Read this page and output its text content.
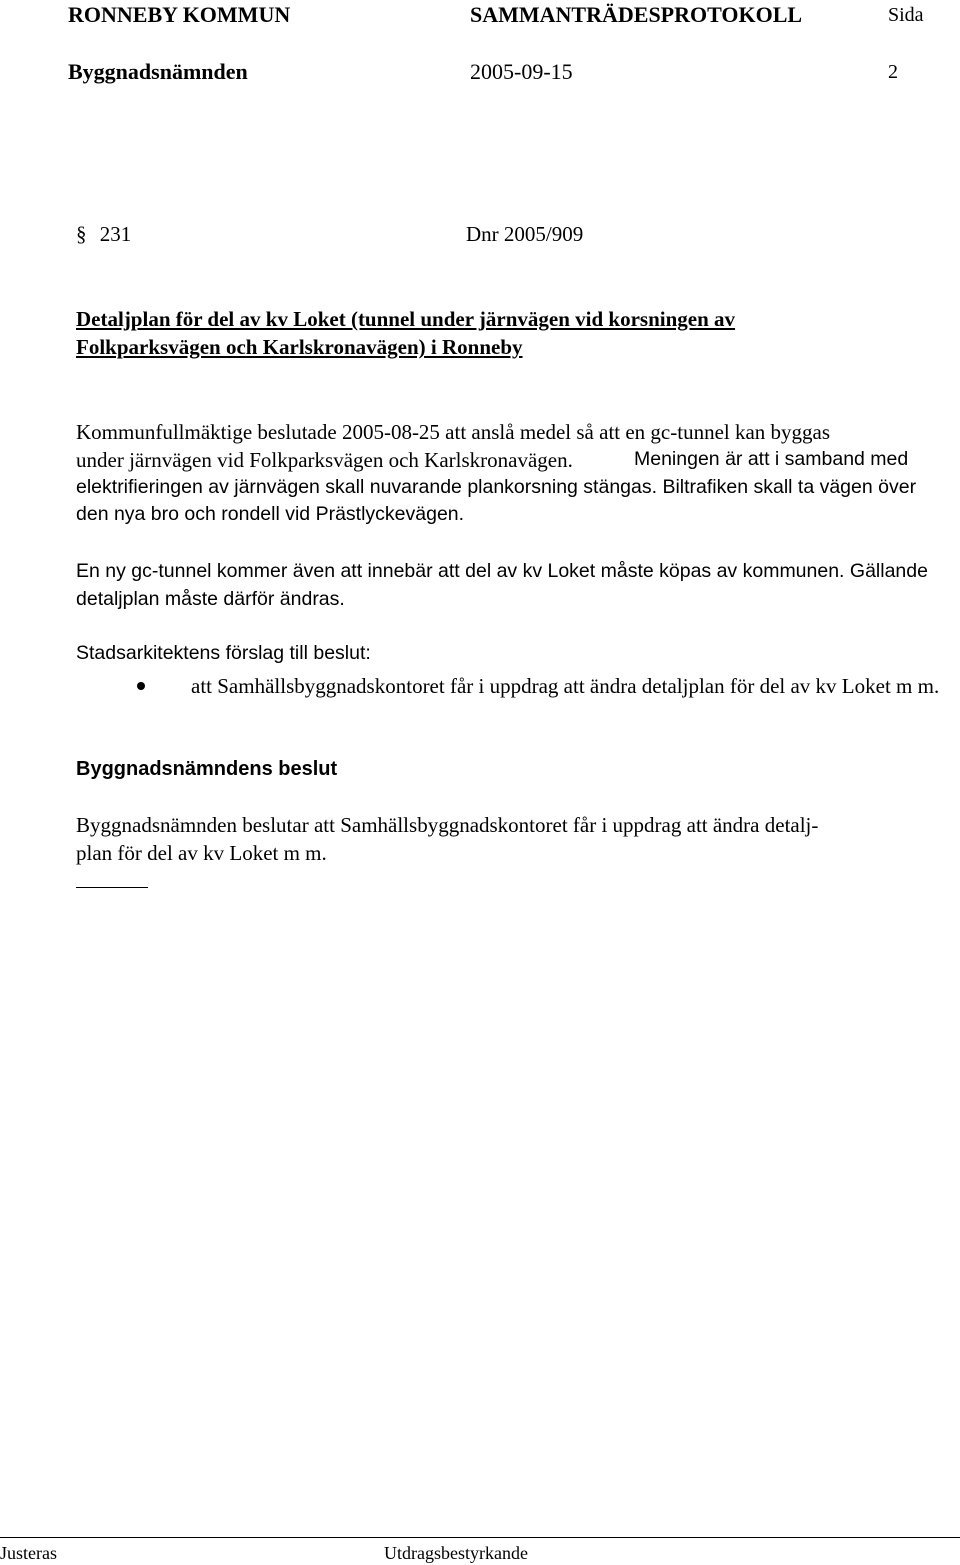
RONNEBY KOMMUN	SAMMANTRÄDESPROTOKOLL	Sida
Byggnadsnämnden	2005-09-15	2
§ 231	Dnr 2005/909
Detaljplan för del av kv Loket (tunnel under järnvägen vid korsningen av
Folkparksvägen och Karlskronavägen) i Ronneby
Kommunfullmäktige beslutade 2005-08-25 att anslå medel så att en gc-tunnel kan byggas
under järnvägen vid Folkparksvägen och Karlskronavägen.	Meningen är att i samband med elektrifieringen av järnvägen skall nuvarande plankorsning stängas. Biltrafiken skall ta vägen över den nya bro och rondell vid Prästlyckevägen.

En ny gc-tunnel kommer även att innebär att del av kv Loket måste köpas av kommunen. Gällande detaljplan måste därför ändras.

Stadsarkitektens förslag till beslut:
att Samhällsbyggnadskontoret får i uppdrag att ändra detaljplan för del av kv Loket m m.
Byggnadsnämndens beslut
Byggnadsnämnden beslutar att Samhällsbyggnadskontoret får i uppdrag att ändra detalj-
plan för del av kv Loket m m.
Justeras	Utdragsbestyrkande
